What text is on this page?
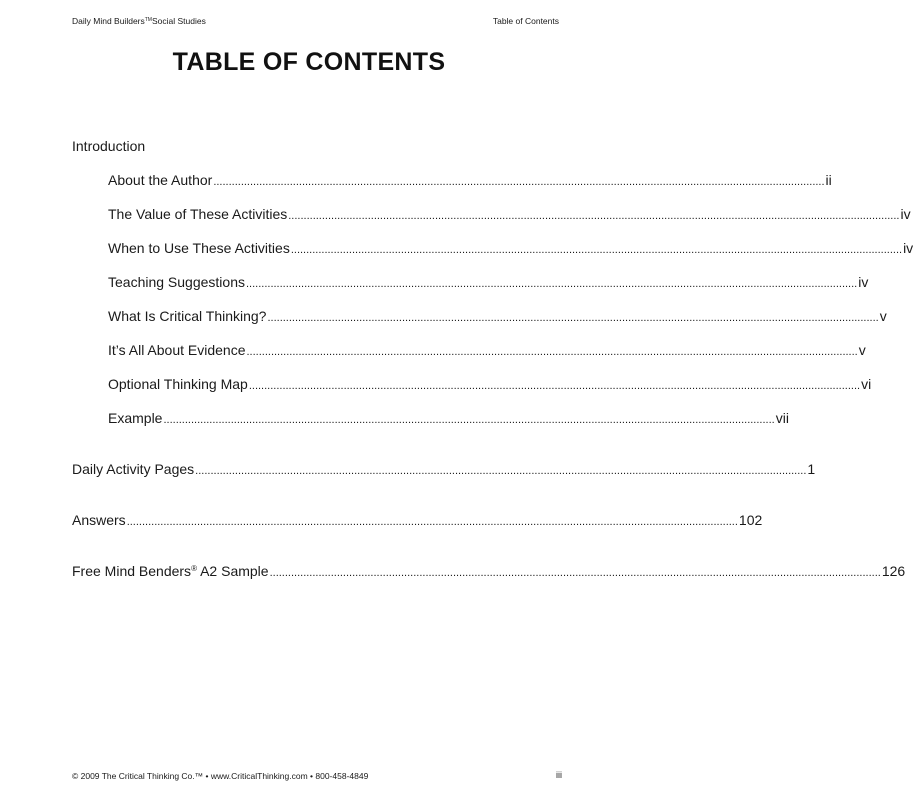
Daily Mind Builders™Social Studies	Table of Contents
TABLE OF CONTENTS
Introduction
About the Author ........................................................................................................................................................................................................ ii
The Value of These Activities ........................................................................................................................................................................................................ iv
When to Use These Activities ........................................................................................................................................................................................................ iv
Teaching Suggestions ........................................................................................................................................................................................................ iv
What Is Critical Thinking? ........................................................................................................................................................................................................ v
It’s All About Evidence ........................................................................................................................................................................................................ v
Optional Thinking Map ........................................................................................................................................................................................................ vi
Example ........................................................................................................................................................................................................ vii
Daily Activity Pages ........................................................................................................................................................................................................ 1
Answers ........................................................................................................................................................................................................ 102
Free Mind Benders® A2 Sample ........................................................................................................................................................................................................ 126
© 2009 The Critical Thinking Co.™ • www.CriticalThinking.com • 800-458-4849	iii
